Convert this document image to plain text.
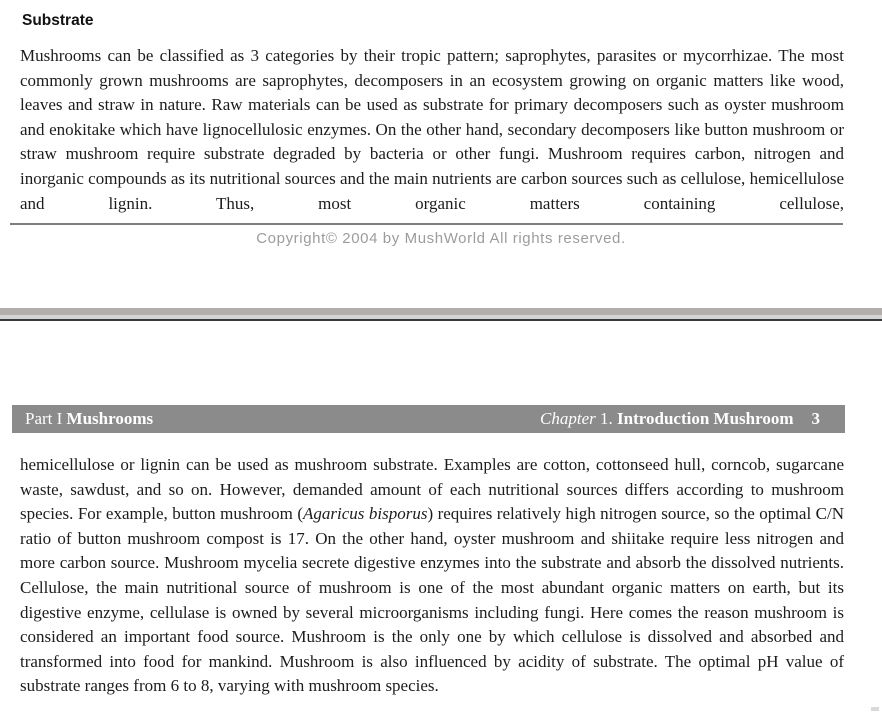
Substrate

Mushrooms can be classified as 3 categories by their tropic pattern; saprophytes, parasites or mycorrhizae. The most commonly grown mushrooms are saprophytes, decomposers in an ecosystem growing on organic matters like wood, leaves and straw in nature. Raw materials can be used as substrate for primary decomposers such as oyster mushroom and enokitake which have lignocellulosic enzymes. On the other hand, secondary decomposers like button mushroom or straw mushroom require substrate degraded by bacteria or other fungi. Mushroom requires carbon, nitrogen and inorganic compounds as its nutritional sources and the main nutrients are carbon sources such as cellulose, hemicellulose and lignin. Thus, most organic matters containing cellulose,

Copyright© 2004 by MushWorld All rights reserved.

Part I Mushrooms	Chapter 1. Introduction Mushroom 3

hemicellulose or lignin can be used as mushroom substrate. Examples are cotton, cottonseed hull, corncob, sugarcane waste, sawdust, and so on. However, demanded amount of each nutritional sources differs according to mushroom species. For example, button mushroom (Agaricus bisporus) requires relatively high nitrogen source, so the optimal C/N ratio of button mushroom compost is 17. On the other hand, oyster mushroom and shiitake require less nitrogen and more carbon source. Mushroom mycelia secrete digestive enzymes into the substrate and absorb the dissolved nutrients. Cellulose, the main nutritional source of mushroom is one of the most abundant organic matters on earth, but its digestive enzyme, cellulase is owned by several microorganisms including fungi. Here comes the reason mushroom is considered an important food source. Mushroom is the only one by which cellulose is dissolved and absorbed and transformed into food for mankind. Mushroom is also influenced by acidity of substrate. The optimal pH value of substrate ranges from 6 to 8, varying with mushroom species.
